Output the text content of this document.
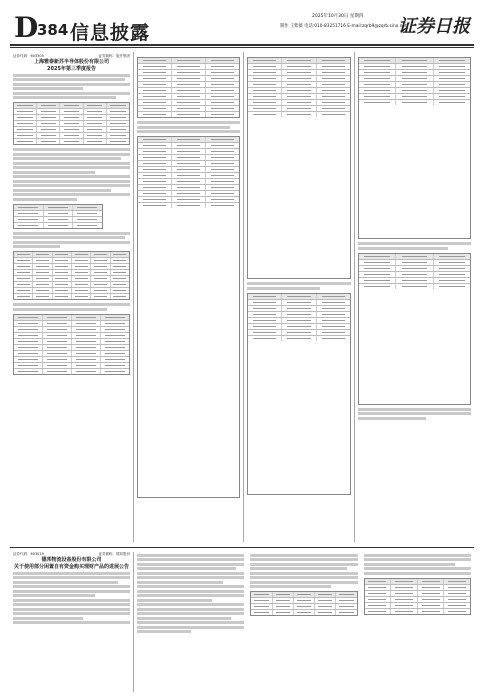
D
384 信息披露
2025年10月30日 星期四
制作 王紫薇 电话:010-83251716 E-mail:zqrb9@zqrb.sina.net
证券日报
证券代码：603305	证券简称：旭升集团
上海雅泰新苏半导体股份有限公司
2025年第三季度报告
证券代码：603019	证券简称：德邦股份
德邦物流设备股份有限公司
关于使用部分闲置自有资金购买理财产品的进展公告
